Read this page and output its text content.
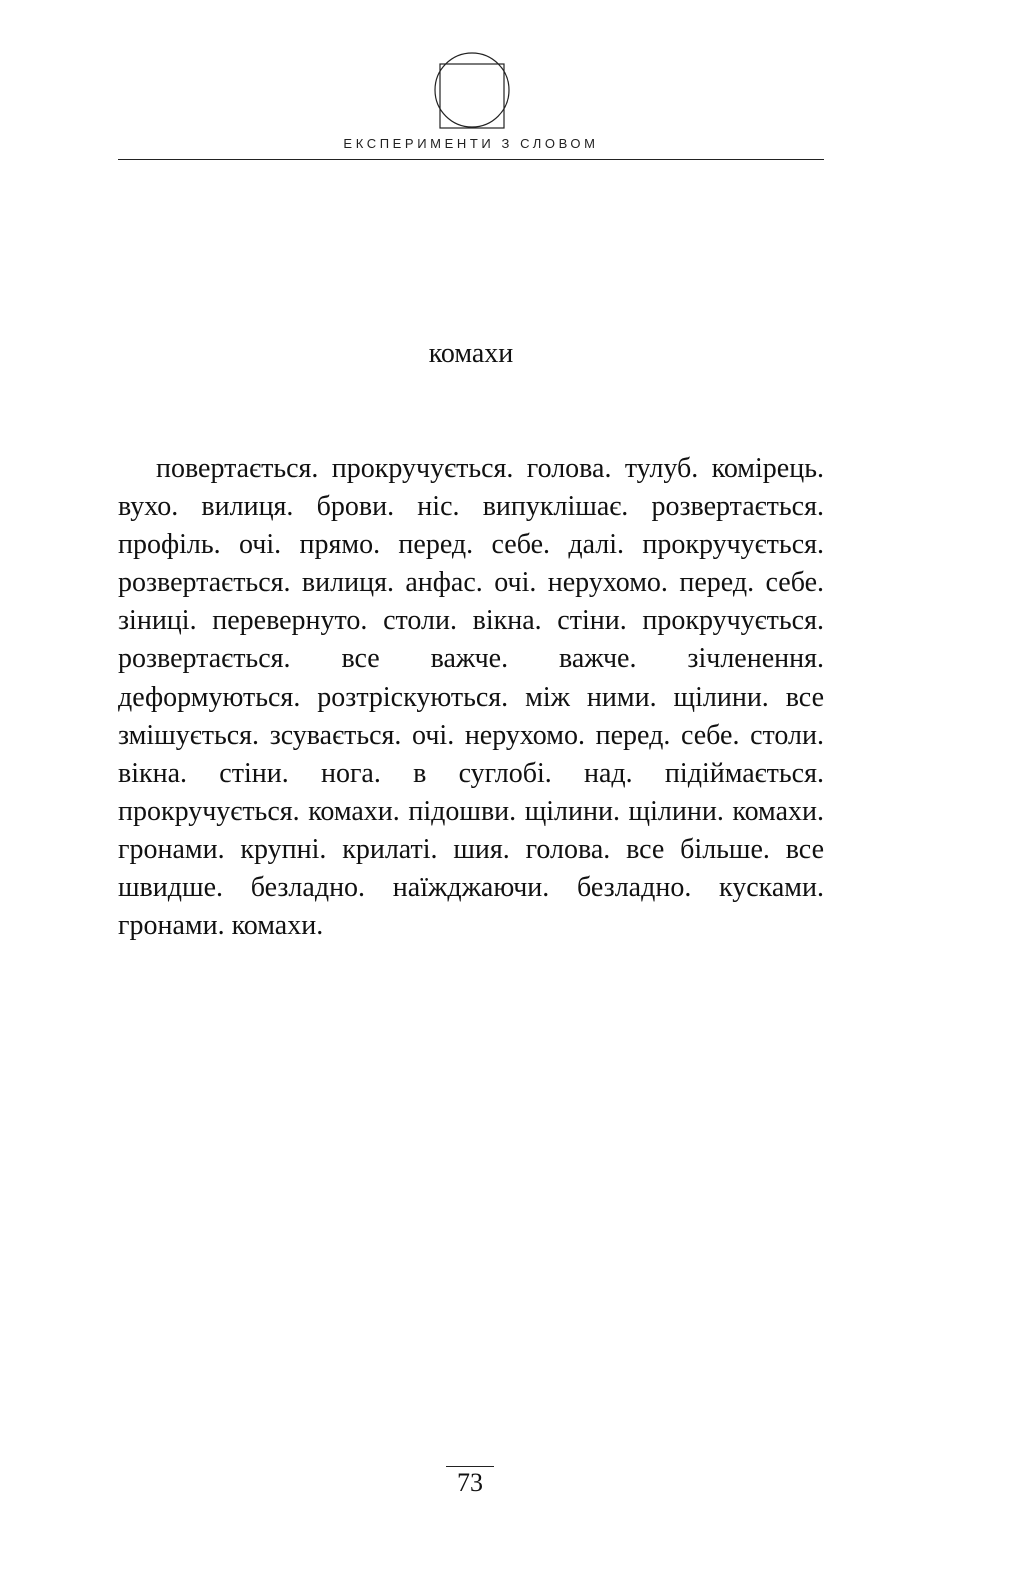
ЕКСПЕРИМЕНТИ З СЛОВОМ
комахи

повертається. прокручується. голова. тулуб. комірець. вухо. вилиця. брови. ніс. випуклішає. розвертається. профіль. очі. прямо. перед. себе. далі. прокручується. розвертається. вилиця. анфас. очі. нерухомо. перед. себе. зіниці. перевернуто. столи. вікна. стіни. прокручується. розвертається. все важче. важче. зічленення. деформуються. розтріскуються. між ними. щілини. все змішується. зсувається. очі. нерухомо. перед. себе. столи. вікна. стіни. нога. в суглобі. над. підіймається. прокручується. комахи. підошви. щілини. щілини. комахи. гронами. крупні. крилаті. шия. голова. все більше. все швидше. безладно. наїжджаючи. безладно. кусками. гронами. комахи.

73
